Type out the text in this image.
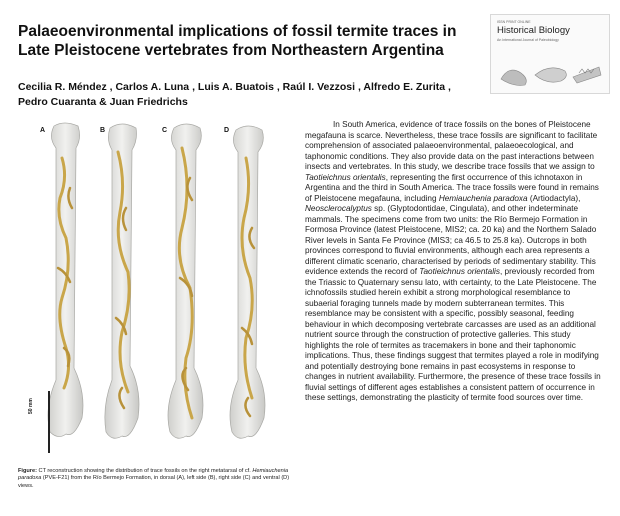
Palaeoenvironmental implications of fossil termite traces in Late Pleistocene vertebrates from Northeastern Argentina
Cecilia R. Méndez , Carlos A. Luna , Luis A. Buatois , Raúl I. Vezzosi , Alfredo E. Zurita , Pedro Cuaranta & Juan Friedrichs
ISSN PRINT ONLINE
Historical Biology
An International Journal of Paleobiology
A	B	C	D
50 mm
Figure: CT reconstruction showing the distribution of trace fossils on the right metatarsal of cf. Hemiauchenia paradoxa (PVE-F21) from the Río Bermejo Formation, in dorsal (A), left side (B), right side (C) and ventral (D) views.
In South America, evidence of trace fossils on the bones of Pleistocene megafauna is scarce. Nevertheless, these trace fossils are significant to facilitate comprehension of associated palaeoenvironmental, palaeoecological, and taphonomic conditions. They also provide data on the past interactions between insects and vertebrates. In this study, we describe trace fossils that we assign to Taotieichnus orientalis, representing the first occurrence of this ichnotaxon in Argentina and the third in South America. The trace fossils were found in remains of Pleistocene megafauna, including Hemiauchenia paradoxa (Artiodactyla), Neosclerocalyptus sp. (Glyptodontidae, Cingulata), and other indeterminate mammals. The specimens come from two units: the Río Bermejo Formation in Formosa Province (latest Pleistocene, MIS2; ca. 20 ka) and the Northern Salado River levels in Santa Fe Province (MIS3; ca 46.5 to 25.8 ka). Outcrops in both provinces correspond to fluvial environments, although each area represents a different climatic scenario, characterised by periods of sedimentary stability. This evidence extends the record of Taotieichnus orientalis, previously recorded from the Triassic to Quaternary sensu lato, with certainty, to the Late Pleistocene. The ichnofossils studied herein exhibit a strong morphological resemblance to subaerial foraging tunnels made by modern subterranean termites. This resemblance may be consistent with a specific, possibly seasonal, feeding behaviour in which decomposing vertebrate carcasses are used as an additional nutrient source through the construction of protective galleries. This study highlights the role of termites as tracemakers in bone and their taphonomic implications. Thus, these findings suggest that termites played a role in modifying and potentially destroying bone remains in past ecosystems in response to changes in nutrient availability. Furthermore, the presence of these trace fossils in fluvial settings of different ages establishes a consistent pattern of occurrence in these settings, demonstrating the plasticity of termite food sources over time.
